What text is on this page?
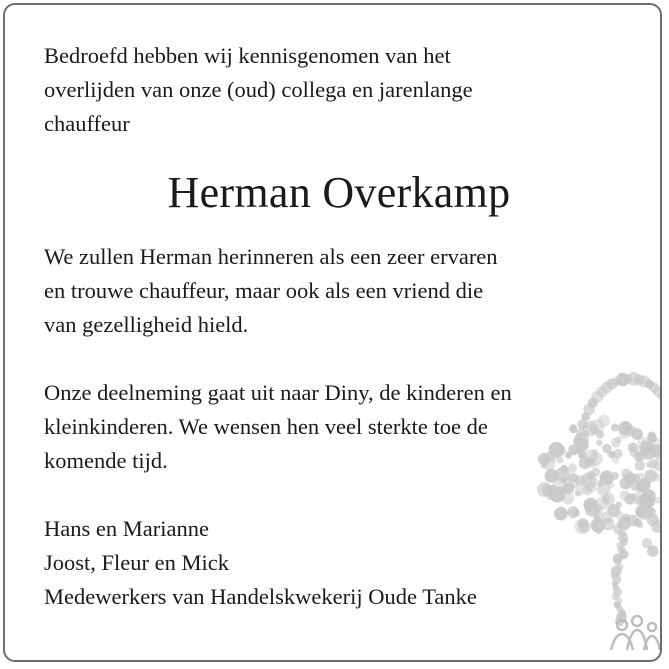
Bedroefd hebben wij kennisgenomen van het
overlijden van onze (oud) collega en jarenlange
chauffeur

Herman Overkamp

We zullen Herman herinneren als een zeer ervaren
en trouwe chauffeur, maar ook als een vriend die
van gezelligheid hield.

Onze deelneming gaat uit naar Diny, de kinderen en
kleinkinderen. We wensen hen veel sterkte toe de
komende tijd.

Hans en Marianne
Joost, Fleur en Mick
Medewerkers van Handelskwekerij Oude Tanke
